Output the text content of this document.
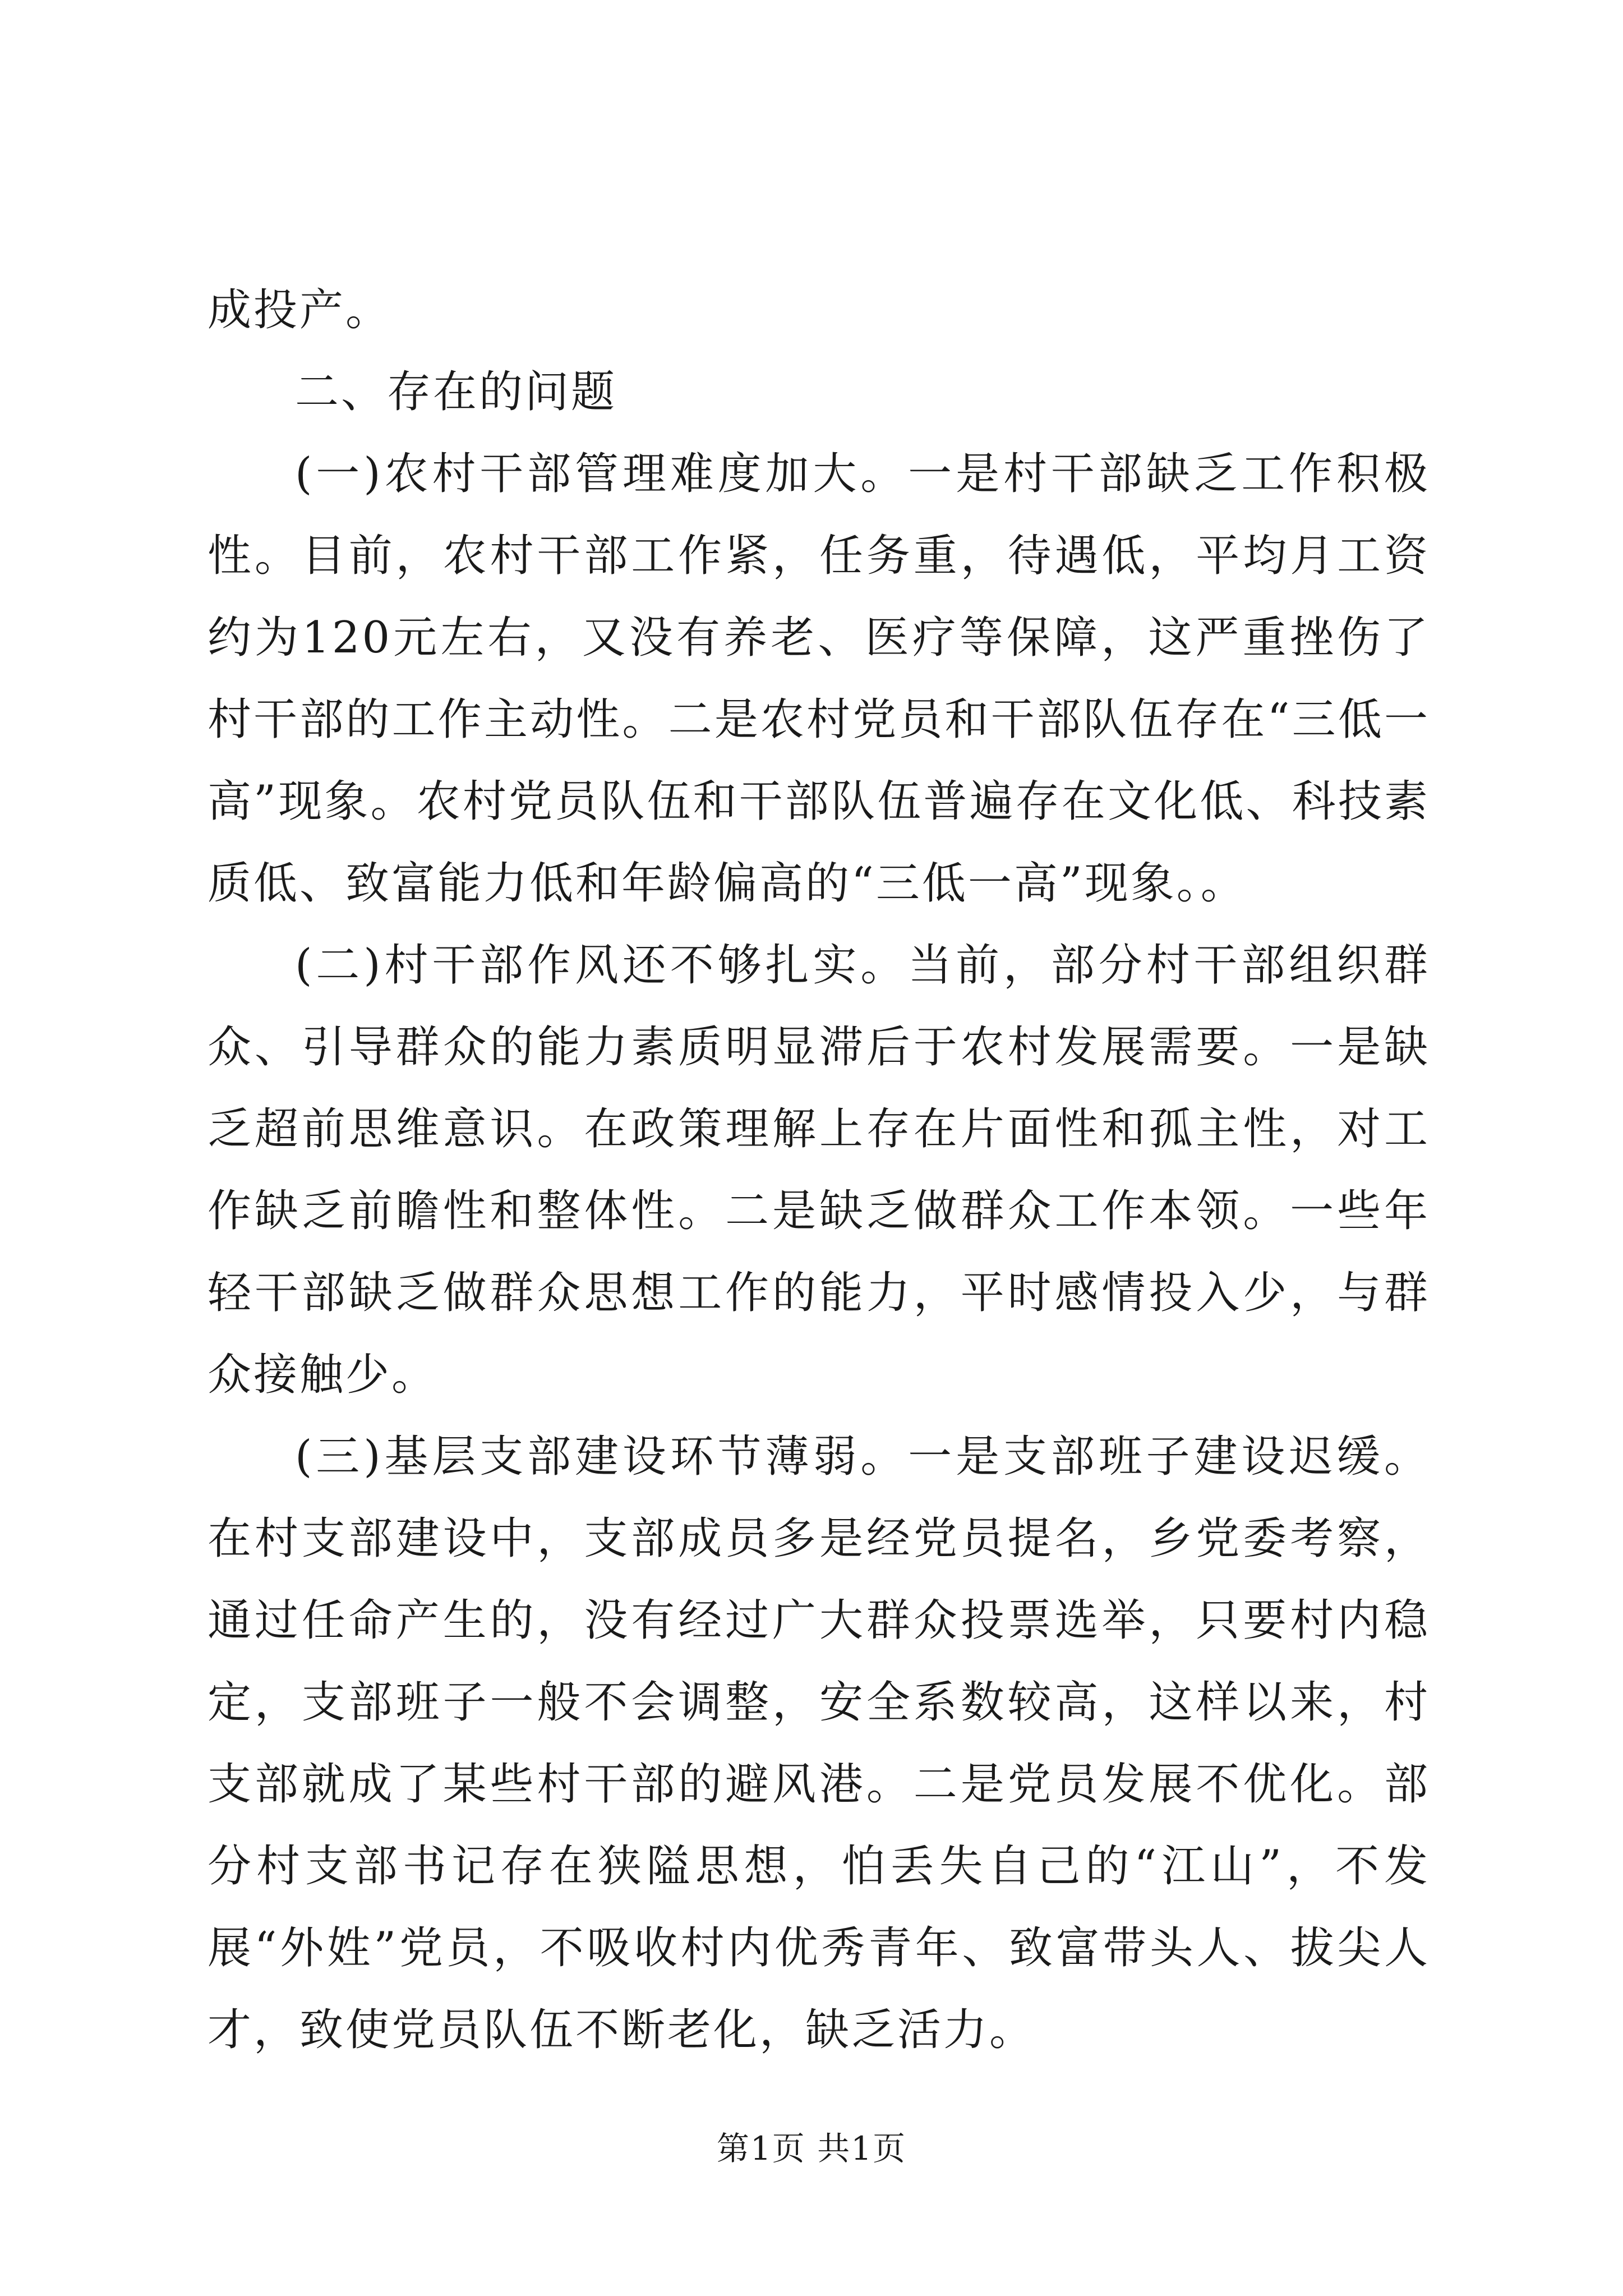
成投产。

二、存在的问题

(一)农村干部管理难度加大。一是村干部缺乏工作积极性。目前，农村干部工作紧，任务重，待遇低，平均月工资约为120元左右，又没有养老、医疗等保障，这严重挫伤了村干部的工作主动性。二是农村党员和干部队伍存在“三低一高”现象。农村党员队伍和干部队伍普遍存在文化低、科技素质低、致富能力低和年龄偏高的“三低一高”现象。。

(二)村干部作风还不够扎实。当前，部分村干部组织群众、引导群众的能力素质明显滞后于农村发展需要。一是缺乏超前思维意识。在政策理解上存在片面性和孤主性，对工作缺乏前瞻性和整体性。二是缺乏做群众工作本领。一些年轻干部缺乏做群众思想工作的能力，平时感情投入少，与群众接触少。

(三)基层支部建设环节薄弱。一是支部班子建设迟缓。在村支部建设中，支部成员多是经党员提名，乡党委考察，通过任命产生的，没有经过广大群众投票选举，只要村内稳定，支部班子一般不会调整，安全系数较高，这样以来，村支部就成了某些村干部的避风港。二是党员发展不优化。部分村支部书记存在狭隘思想，怕丢失自己的“江山”，不发展“外姓”党员，不吸收村内优秀青年、致富带头人、拔尖人才，致使党员队伍不断老化，缺乏活力。

第1页 共1页
